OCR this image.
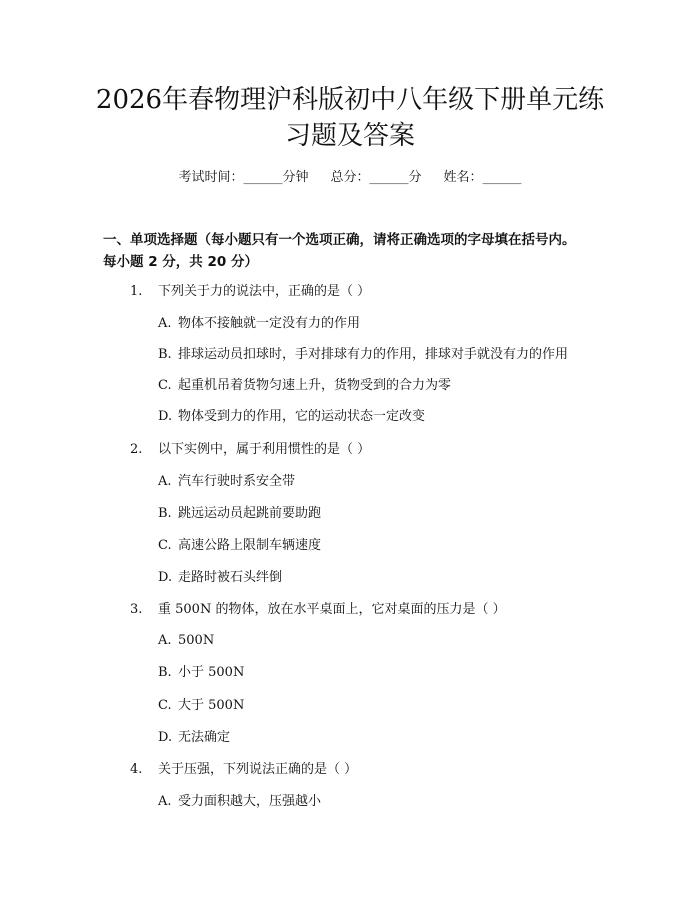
2026年春物理沪科版初中八年级下册单元练
习题及答案
考试时间：______分钟 总分：______分 姓名：______
一、单项选择题（每小题只有一个选项正确，请将正确选项的字母填在括号内。
每小题 2 分，共 20 分）
1. 下列关于力的说法中，正确的是（ ）
A. 物体不接触就一定没有力的作用
B. 排球运动员扣球时，手对排球有力的作用，排球对手就没有力的作用
C. 起重机吊着货物匀速上升，货物受到的合力为零
D. 物体受到力的作用，它的运动状态一定改变
2. 以下实例中，属于利用惯性的是（ ）
A. 汽车行驶时系安全带
B. 跳远运动员起跳前要助跑
C. 高速公路上限制车辆速度
D. 走路时被石头绊倒
3. 重 500N 的物体，放在水平桌面上，它对桌面的压力是（ ）
A. 500N
B. 小于 500N
C. 大于 500N
D. 无法确定
4. 关于压强，下列说法正确的是（ ）
A. 受力面积越大，压强越小
